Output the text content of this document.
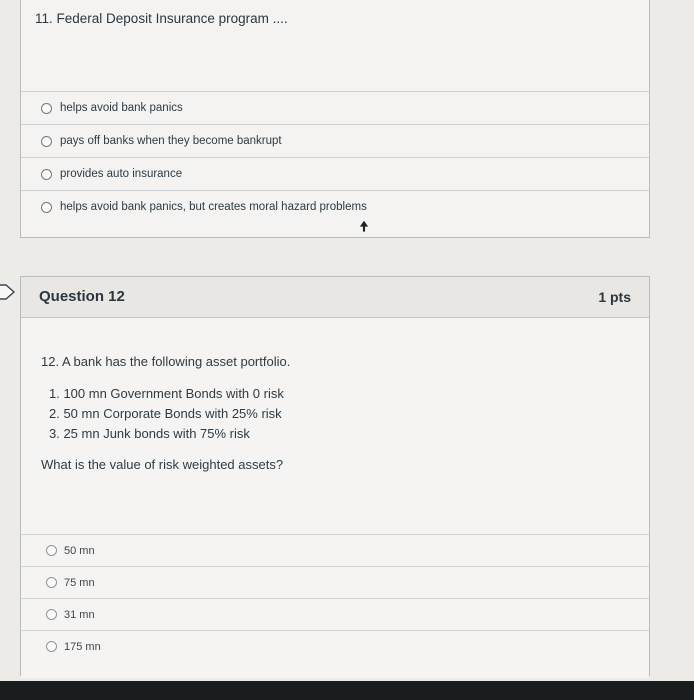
11. Federal Deposit Insurance program ....
helps avoid bank panics
pays off banks when they become bankrupt
provides auto insurance
helps avoid bank panics, but creates moral hazard problems
Question 12	1 pts
12. A bank has the following asset portfolio.
1. 100 mn Government Bonds with 0 risk
2. 50 mn Corporate Bonds with 25% risk
3. 25 mn Junk bonds with 75% risk
What is the value of risk weighted assets?
50 mn
75 mn
31 mn
175 mn
